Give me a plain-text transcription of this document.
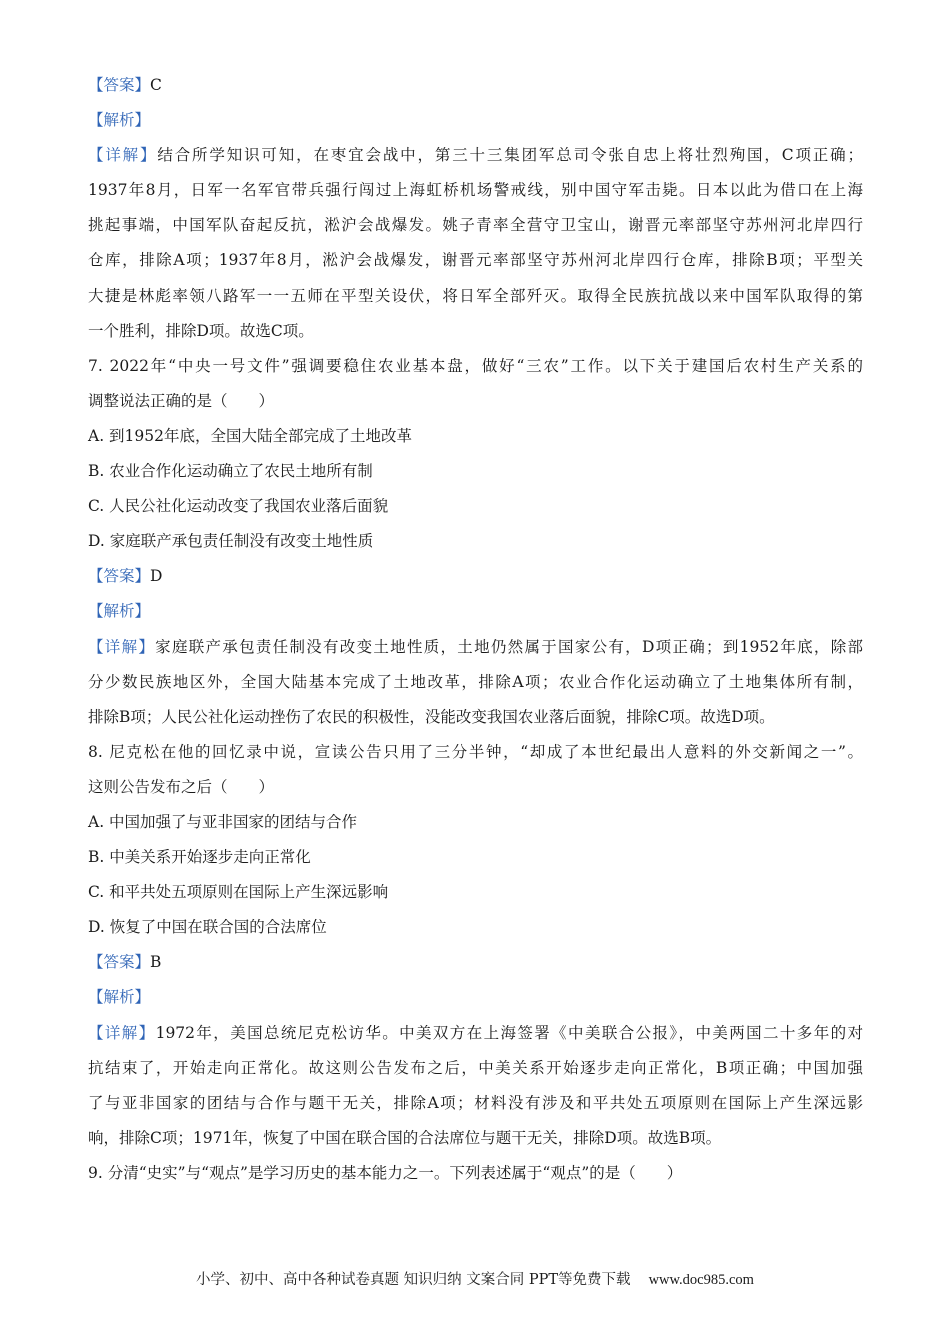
【答案】C
【解析】
【详解】结合所学知识可知，在枣宜会战中，第三十三集团军总司令张自忠上将壮烈殉国，C项正确；
1937年8月，日军一名军官带兵强行闯过上海虹桥机场警戒线，别中国守军击毙。日本以此为借口在上海
挑起事端，中国军队奋起反抗，淞沪会战爆发。姚子青率全营守卫宝山，谢晋元率部坚守苏州河北岸四行
仓库，排除A项；1937年8月，淞沪会战爆发，谢晋元率部坚守苏州河北岸四行仓库，排除B项；平型关
大捷是林彪率领八路军一一五师在平型关设伏，将日军全部歼灭。取得全民族抗战以来中国军队取得的第
一个胜利，排除D项。故选C项。
7. 2022年“中央一号文件”强调要稳住农业基本盘，做好“三农”工作。以下关于建国后农村生产关系的
调整说法正确的是（　　）
A. 到1952年底，全国大陆全部完成了土地改革
B. 农业合作化运动确立了农民土地所有制
C. 人民公社化运动改变了我国农业落后面貌
D. 家庭联产承包责任制没有改变土地性质
【答案】D
【解析】
【详解】家庭联产承包责任制没有改变土地性质，土地仍然属于国家公有，D项正确；到1952年底，除部
分少数民族地区外，全国大陆基本完成了土地改革，排除A项；农业合作化运动确立了土地集体所有制，
排除B项；人民公社化运动挫伤了农民的积极性，没能改变我国农业落后面貌，排除C项。故选D项。
8. 尼克松在他的回忆录中说，宣读公告只用了三分半钟，“却成了本世纪最出人意料的外交新闻之一”。
这则公告发布之后（　　）
A. 中国加强了与亚非国家的团结与合作
B. 中美关系开始逐步走向正常化
C. 和平共处五项原则在国际上产生深远影响
D. 恢复了中国在联合国的合法席位
【答案】B
【解析】
【详解】1972年，美国总统尼克松访华。中美双方在上海签署《中美联合公报》，中美两国二十多年的对
抗结束了，开始走向正常化。故这则公告发布之后，中美关系开始逐步走向正常化，B项正确；中国加强
了与亚非国家的团结与合作与题干无关，排除A项；材料没有涉及和平共处五项原则在国际上产生深远影
响，排除C项；1971年，恢复了中国在联合国的合法席位与题干无关，排除D项。故选B项。
9. 分清“史实”与“观点”是学习历史的基本能力之一。下列表述属于“观点”的是（　　）
小学、初中、高中各种试卷真题 知识归纳 文案合同 PPT等免费下载 www.doc985.com
